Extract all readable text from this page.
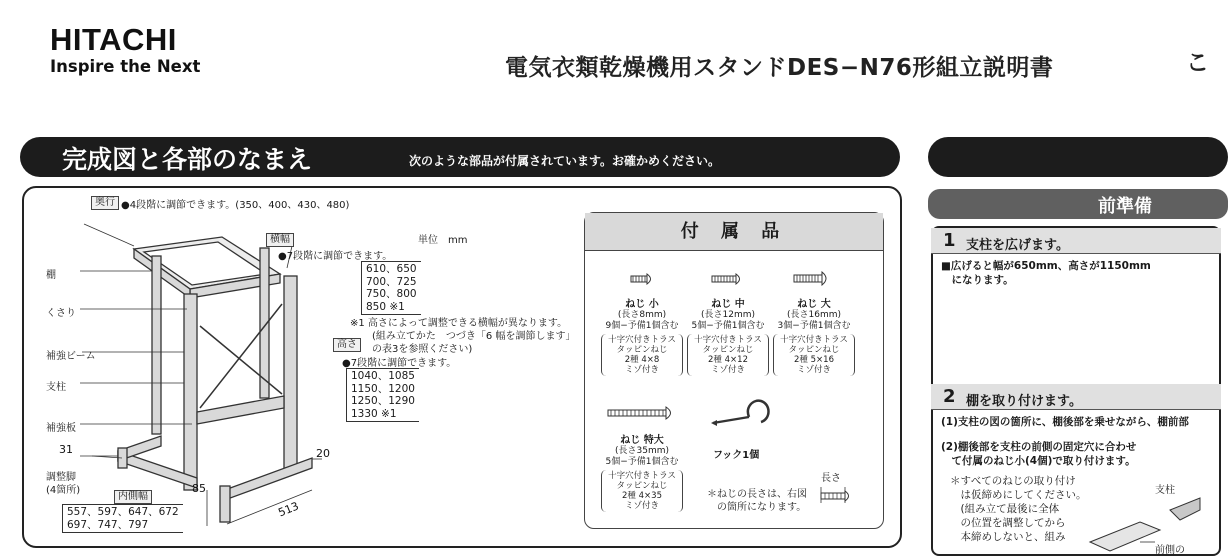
HITACHI
Inspire the Next	電気衣類乾燥機用スタンドDES−N76形組立説明書	こ
完成図と各部のなまえ	次のような部品が付属されています。お確かめください。
奥行 ●4段階に調節できます。(350、400、430、480)
横幅
●7段階に調節できます。
単位　mm
610、650
700、725
750、800
850 ※1
※1 高さによって調整できる横幅が異なります。
(組み立てかた　つづき「6 幅を調節します」
の表3を参照ください)
高さ
●7段階に調節できます。
1040、1085
1150、1200
1250、1290
1330 ※1
棚
くさり
補強ビーム
支柱
補強板
調整脚
(4箇所)
内側幅
557、597、647、672
697、747、797
31	20
85
513
付 属 品
ねじ 小
(長さ8mm)
9個−予備1個含む
十字穴付きトラス
タッピンねじ
2種 4×8
ミゾ付き
ねじ 中
(長さ12mm)
5個−予備1個含む
十字穴付きトラス
タッピンねじ
2種 4×12
ミゾ付き
ねじ 大
(長さ16mm)
3個−予備1個含む
十字穴付きトラス
タッピンねじ
2種 5×16
ミゾ付き
ねじ 特大
(長さ35mm)
5個−予備1個含む
十字穴付きトラス
タッピンねじ
2種 4×35
ミゾ付き
フック1個
＊ねじの長さは、右図
　の箇所になります。
長さ
前準備
1 支柱を広げます。
■広げると幅が650mm、高さが1150mm
　になります。
2 棚を取り付けます。
(1)支柱の図の箇所に、棚後部を乗せながら、棚前部
(2)棚後部を支柱の前側の固定穴に合わせ
　て付属のねじ小(4個)で取り付けます。
＊すべてのねじの取り付け
　は仮締めにしてください。
　(組み立て最後に全体
　の位置を調整してから
　本締めしないと、組み
支柱
前側の
